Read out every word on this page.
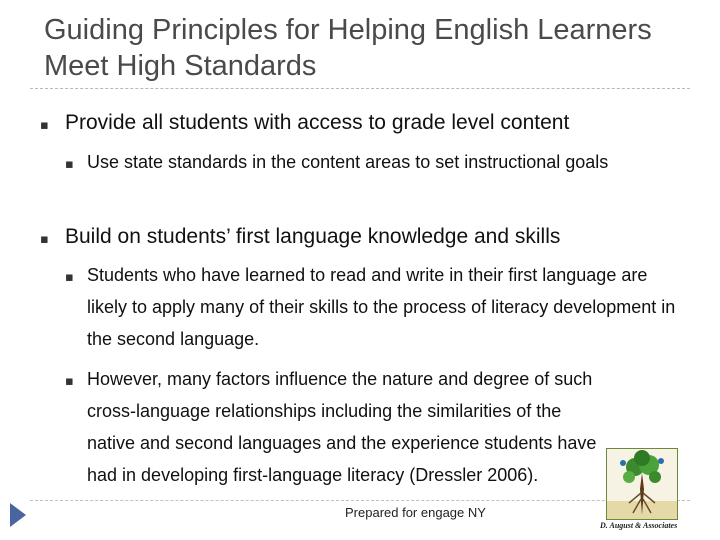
Guiding Principles for Helping English Learners Meet High Standards
▪ Provide all students with access to grade level content
▪ Use state standards in the content areas to set instructional goals
▪ Build on students’ first language knowledge and skills
▪ Students who have learned to read and write in their first language are likely to apply many of their skills to the process of literacy development in the second language.
▪ However, many factors influence the nature and degree of such cross-language relationships including the similarities of the native and second languages and the experience students have had in developing first-language literacy (Dressler 2006).
Prepared for engage NY
D. August & Associates
